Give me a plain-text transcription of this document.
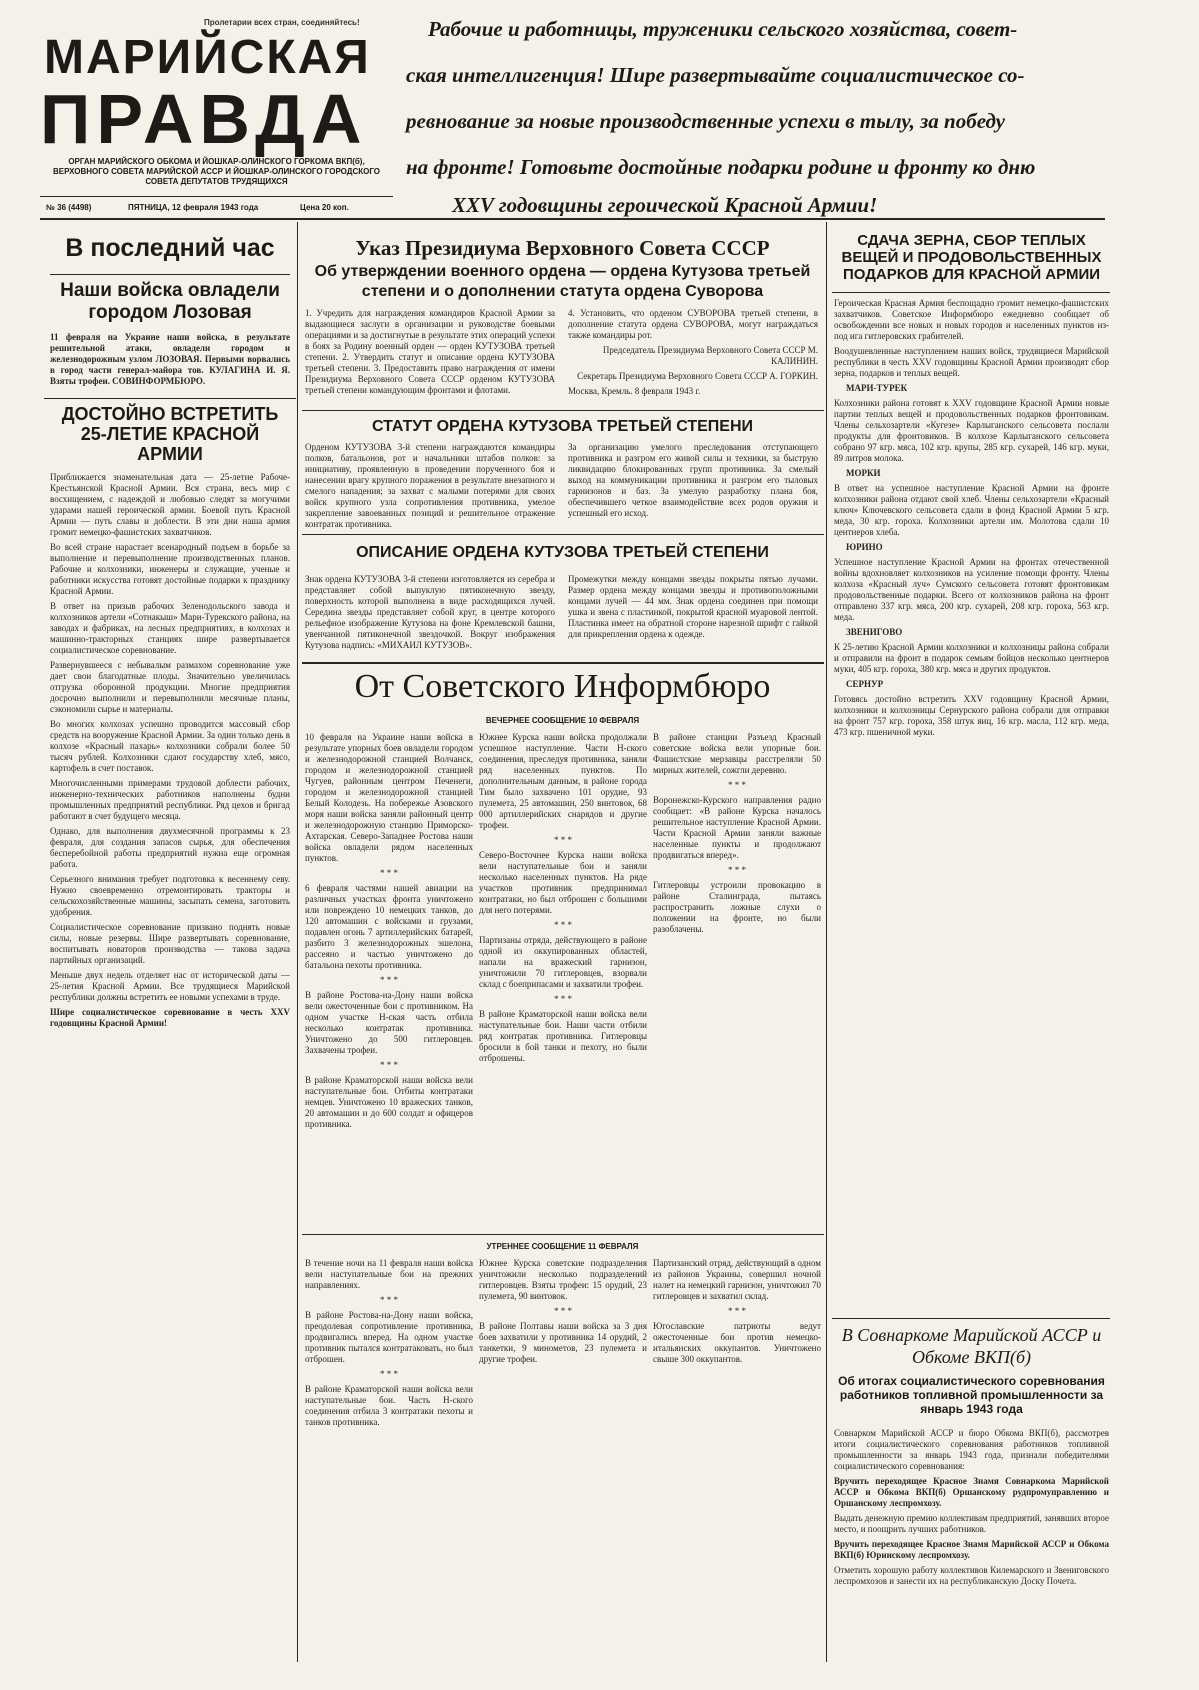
Пролетарии всех стран, соединяйтесь!
МАРИЙСКАЯ
ПРАВДА
ОРГАН МАРИЙСКОГО ОБКОМА И ЙОШКАР-ОЛИНСКОГО ГОРКОМА ВКП(б), ВЕРХОВНОГО СОВЕТА МАРИЙСКОЙ АССР И ЙОШКАР-ОЛИНСКОГО ГОРОДСКОГО СОВЕТА ДЕПУТАТОВ ТРУДЯЩИХСЯ
№ 36 (4498)	ПЯТНИЦА, 12 февраля 1943 года	Цена 20 коп.
Рабочие и работницы, труженики сельского хозяйства, совет-
ская интеллигенция! Шире развертывайте социалистическое со-
ревнование за новые производственные успехи в тылу, за победу
на фронте! Готовьте достойные подарки родине и фронту ко дню
XXV годовщины героической Красной Армии!
В последний час
Наши войска овладели городом Лозовая
11 февраля на Украине наши войска, в результате решительной атаки, овладели городом и железнодорожным узлом ЛОЗОВАЯ. Первыми ворвались в город части генерал-майора тов. КУЛАГИНА И. Я. Взяты трофеи. СОВИНФОРМБЮРО.
ДОСТОЙНО ВСТРЕТИТЬ 25-ЛЕТИЕ КРАСНОЙ АРМИИ

Приближается знаменательная дата — 25-летие Рабоче-Крестьянской Красной Армии. Вся страна, весь мир с восхищением, с надеждой и любовью следят за могучими ударами нашей героической армии. Боевой путь Красной Армии — путь славы и доблести. В эти дни наша армия громит немецко-фашистских захватчиков.

Во всей стране нарастает всенародный подъем в борьбе за выполнение и перевыполнение производственных планов. Рабочие и колхозники, инженеры и служащие, ученые и работники искусства готовят достойные подарки к празднику Красной Армии.

В ответ на призыв рабочих Зеленодольского завода и колхозников артели «Сотнакыш» Мари-Турекского района, на заводах и фабриках, на лесных предприятиях, в колхозах и машинно-тракторных станциях шире развертывается социалистическое соревнование.

Развернувшееся с небывалым размахом соревнование уже дает свои благодатные плоды. Значительно увеличилась отгрузка оборонной продукции. Многие предприятия досрочно выполнили и перевыполнили месячные планы, сэкономили сырье и материалы.

Во многих колхозах успешно проводится массовый сбор средств на вооружение Красной Армии. За один только день в колхозе «Красный пахарь» колхозники собрали более 50 тысяч рублей. Колхозники сдают государству хлеб, мясо, картофель в счет поставок.

Многочисленными примерами трудовой доблести рабочих, инженерно-технических работников наполнены будни промышленных предприятий республики. Ряд цехов и бригад работают в счет будущего месяца.

Однако, для выполнения двухмесячной программы к 23 февраля, для создания запасов сырья, для обеспечения бесперебойной работы предприятий нужна еще огромная работа.

Серьезного внимания требует подготовка к весеннему севу. Нужно своевременно отремонтировать тракторы и сельскохозяйственные машины, засыпать семена, заготовить удобрения.

Социалистическое соревнование призвано поднять новые силы, новые резервы. Шире развертывать соревнование, воспитывать новаторов производства — такова задача партийных организаций.

Меньше двух недель отделяет нас от исторической даты — 25-летия Красной Армии. Все трудящиеся Марийской республики должны встретить ее новыми успехами в труде.

Шире социалистическое соревнование в честь XXV годовщины Красной Армии!

Указ Президиума Верховного Совета СССР
Об утверждении военного ордена — ордена Кутузова третьей степени и о дополнении статута ордена Суворова
1. Учредить для награждения командиров Красной Армии за выдающиеся заслуги в организации и руководстве боевыми операциями и за достигнутые в результате этих операций успехи в боях за Родину военный орден — орден КУТУЗОВА третьей степени. 2. Утвердить статут и описание ордена КУТУЗОВА третьей степени. 3. Предоставить право награждения от имени Президиума Верховного Совета СССР орденом КУТУЗОВА третьей степени командующим фронтами и флотами.

4. Установить, что орденом СУВОРОВА третьей степени, в дополнение статута ордена СУВОРОВА, могут награждаться также командиры рот.

Председатель Президиума Верховного Совета СССР М. КАЛИНИН.

Секретарь Президиума Верховного Совета СССР А. ГОРКИН.

Москва, Кремль. 8 февраля 1943 г.

СТАТУТ ОРДЕНА КУТУЗОВА ТРЕТЬЕЙ СТЕПЕНИ
Орденом КУТУЗОВА 3-й степени награждаются командиры полков, батальонов, рот и начальники штабов полков: за инициативу, проявленную в проведении порученного боя и нанесении врагу крупного поражения в результате внезапного и смелого нападения; за захват с малыми потерями для своих войск крупного узла сопротивления противника, умелое закрепление завоеванных позиций и решительное отражение контратак противника.
За организацию умелого преследования отступающего противника и разгром его живой силы и техники, за быструю ликвидацию блокированных групп противника. За смелый выход на коммуникации противника и разгром его тыловых гарнизонов и баз. За умелую разработку плана боя, обеспечившего четкое взаимодействие всех родов оружия и успешный его исход.
ОПИСАНИЕ ОРДЕНА КУТУЗОВА ТРЕТЬЕЙ СТЕПЕНИ
Знак ордена КУТУЗОВА 3-й степени изготовляется из серебра и представляет собой выпуклую пятиконечную звезду, поверхность которой выполнена в виде расходящихся лучей. Середина звезды представляет собой круг, в центре которого рельефное изображение Кутузова на фоне Кремлевской башни, увенчанной пятиконечной звездочкой. Вокруг изображения Кутузова надпись: «МИХАИЛ КУТУЗОВ».
Промежутки между концами звезды покрыты пятью лучами. Размер ордена между концами звезды и противоположными концами лучей — 44 мм. Знак ордена соединен при помощи ушка и звена с пластинкой, покрытой красной муаровой лентой. Пластинка имеет на обратной стороне нарезной шрифт с гайкой для прикрепления ордена к одежде.
От Советского Информбюро
ВЕЧЕРНЕЕ СООБЩЕНИЕ 10 ФЕВРАЛЯ

10 февраля на Украине наши войска в результате упорных боев овладели городом и железнодорожной станцией Волчанск, городом и железнодорожной станцией Чугуев, районным центром Печенеги, городом и железнодорожной станцией Белый Колодезь. На побережье Азовского моря наши войска заняли районный центр и железнодорожную станцию Приморско-Ахтарская. Северо-Западнее Ростова наши войска овладели рядом населенных пунктов.

* * *

6 февраля частями нашей авиации на различных участках фронта уничтожено или повреждено 10 немецких танков, до 120 автомашин с войсками и грузами, подавлен огонь 7 артиллерийских батарей, разбито 3 железнодорожных эшелона, рассеяно и частью уничтожено до батальона пехоты противника.

* * *

В районе Ростова-на-Дону наши войска вели ожесточенные бои с противником. На одном участке Н-ская часть отбила несколько контратак противника. Уничтожено до 500 гитлеровцев. Захвачены трофеи.

* * *

В районе Краматорской наши войска вели наступательные бои. Отбиты контратаки немцев. Уничтожено 10 вражеских танков, 20 автомашин и до 600 солдат и офицеров противника.

Южнее Курска наши войска продолжали успешное наступление. Части Н-ского соединения, преследуя противника, заняли ряд населенных пунктов. По дополнительным данным, в районе города Тим было захвачено 101 орудие, 93 пулемета, 25 автомашин, 250 винтовок, 68 000 артиллерийских снарядов и другие трофеи.

* * *

Северо-Восточнее Курска наши войска вели наступательные бои и заняли несколько населенных пунктов. На ряде участков противник предпринимал контратаки, но был отброшен с большими для него потерями.

* * *

Партизаны отряда, действующего в районе одной из оккупированных областей, напали на вражеский гарнизон, уничтожили 70 гитлеровцев, взорвали склад с боеприпасами и захватили трофеи.

* * *

В районе Краматорской наши войска вели наступательные бои. Наши части отбили ряд контратак противника. Гитлеровцы бросили в бой танки и пехоту, но были отброшены.

В районе станции Разъезд Красный советские войска вели упорные бои. Фашистские мерзавцы расстреляли 50 мирных жителей, сожгли деревню.

* * *

Воронежско-Курского направления радио сообщает: «В районе Курска началось решительное наступление Красной Армии. Части Красной Армии заняли важные населенные пункты и продолжают продвигаться вперед».

* * *

Гитлеровцы устроили провокацию в районе Сталинграда, пытаясь распространить ложные слухи о положении на фронте, но были разоблачены.

УТРЕННЕЕ СООБЩЕНИЕ 11 ФЕВРАЛЯ

В течение ночи на 11 февраля наши войска вели наступательные бои на прежних направлениях.

* * *

В районе Ростова-на-Дону наши войска, преодолевая сопротивление противника, продвигались вперед. На одном участке противник пытался контратаковать, но был отброшен.

* * *

В районе Краматорской наши войска вели наступательные бои. Часть Н-ского соединения отбила 3 контратаки пехоты и танков противника.

Южнее Курска советские подразделения уничтожили несколько подразделений гитлеровцев. Взяты трофеи: 15 орудий, 23 пулемета, 90 винтовок.

* * *

В районе Полтавы наши войска за 3 дня боев захватили у противника 14 орудий, 2 танкетки, 9 минометов, 23 пулемета и другие трофеи.

Партизанский отряд, действующий в одном из районов Украины, совершил ночной налет на немецкий гарнизон, уничтожил 70 гитлеровцев и захватил склад.

* * *

Югославские патриоты ведут ожесточенные бои против немецко-итальянских оккупантов. Уничтожено свыше 300 оккупантов.

СДАЧА ЗЕРНА, СБОР ТЕПЛЫХ ВЕЩЕЙ И ПРОДОВОЛЬСТВЕННЫХ ПОДАРКОВ ДЛЯ КРАСНОЙ АРМИИ

Героическая Красная Армия беспощадно громит немецко-фашистских захватчиков. Советское Информбюро ежедневно сообщает об освобождении все новых и новых городов и населенных пунктов из-под ига гитлеровских грабителей.

Воодушевленные наступлением наших войск, трудящиеся Марийской республики в честь XXV годовщины Красной Армии производят сбор зерна, подарков и теплых вещей.

МАРИ-ТУРЕК

Колхозники района готовят к XXV годовщине Красной Армии новые партии теплых вещей и продовольственных подарков фронтовикам. Члены сельхозартели «Кугезе» Карлыганского сельсовета послали продукты для фронтовиков. В колхозе Карлыганского сельсовета собрано 97 кгр. мяса, 102 кгр. крупы, 285 кгр. сухарей, 146 кгр. муки, 89 литров молока.

МОРКИ

В ответ на успешное наступление Красной Армии на фронте колхозники района отдают свой хлеб. Члены сельхозартели «Красный ключ» Ключевского сельсовета сдали в фонд Красной Армии 5 кгр. меда, 30 кгр. гороха. Колхозники артели им. Молотова сдали 10 центнеров хлеба.

ЮРИНО

Успешное наступление Красной Армии на фронтах отечественной войны вдохновляет колхозников на усиление помощи фронту. Члены колхоза «Красный луч» Сумского сельсовета готовят фронтовикам продовольственные подарки. Всего от колхозников района на фронт отправлено 337 кгр. мяса, 200 кгр. сухарей, 208 кгр. гороха, 563 кгр. меда.

ЗВЕНИГОВО

К 25-летию Красной Армии колхозники и колхозницы района собрали и отправили на фронт в подарок семьям бойцов несколько центнеров муки, 405 кгр. гороха, 380 кгр. мяса и других продуктов.

СЕРНУР

Готовясь достойно встретить XXV годовщину Красной Армии, колхозники и колхозницы Сернурского района собрали для отправки на фронт 757 кгр. гороха, 358 штук яиц, 16 кгр. масла, 112 кгр. меда, 473 кгр. пшеничной муки.

В Совнаркоме Марийской АССР и Обкоме ВКП(б)
Об итогах социалистического соревнования работников топливной промышленности за январь 1943 года

Совнарком Марийской АССР и бюро Обкома ВКП(б), рассмотрев итоги социалистического соревнования работников топливной промышленности за январь 1943 года, признали победителями социалистического соревнования:

Вручить переходящее Красное Знамя Совнаркома Марийской АССР и Обкома ВКП(б) Оршанскому рудпромуправлению и Оршанскому леспромхозу.

Выдать денежную премию коллективам предприятий, занявших второе место, и поощрить лучших работников.

Вручить переходящее Красное Знамя Марийской АССР и Обкома ВКП(б) Юринскому леспромхозу.

Отметить хорошую работу коллективов Килемарского и Звениговского леспромхозов и занести их на республиканскую Доску Почета.
